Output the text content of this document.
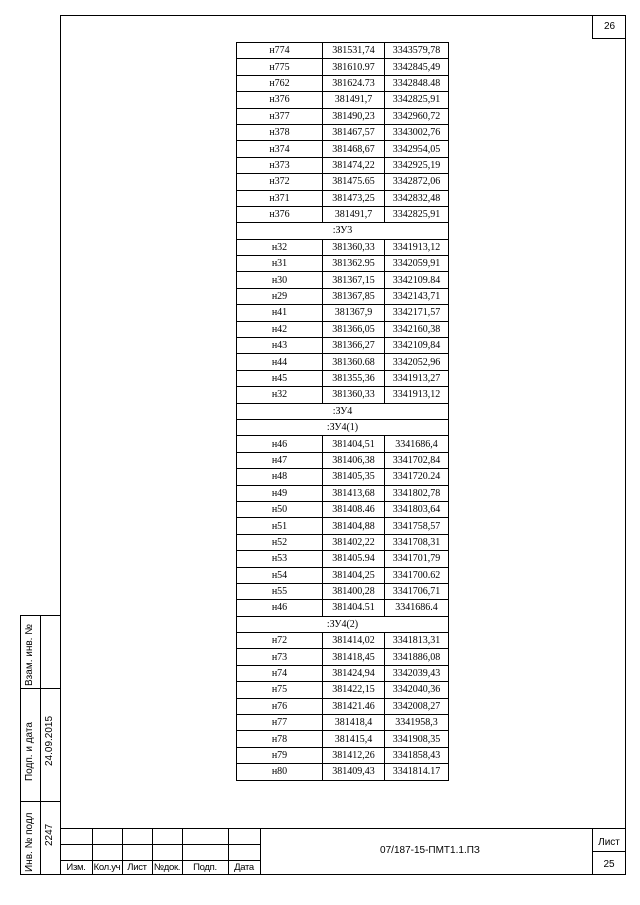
26
н774	381531,74	3343579,78
н775	381610.97	3342845,49
н762	381624.73	3342848.48
н376	381491,7	3342825,91
н377	381490,23	3342960,72
н378	381467,57	3343002,76
н374	381468,67	3342954,05
н373	381474,22	3342925,19
н372	381475.65	3342872,06
н371	381473,25	3342832,48
н376	381491,7	3342825,91
:ЗУ3		
н32	381360,33	3341913,12
н31	381362.95	3342059,91
н30	381367,15	3342109.84
н29	381367,85	3342143,71
н41	381367,9	3342171,57
н42	381366,05	3342160,38
н43	381366,27	3342109,84
н44	381360.68	3342052,96
н45	381355,36	3341913,27
н32	381360,33	3341913,12
:ЗУ4		
:ЗУ4(1)		
н46	381404,51	3341686,4
н47	381406,38	3341702,84
н48	381405,35	3341720.24
н49	381413,68	3341802,78
н50	381408.46	3341803,64
н51	381404,88	3341758,57
н52	381402,22	3341708,31
н53	381405.94	3341701,79
н54	381404,25	3341700.62
н55	381400,28	3341706,71
н46	381404.51	3341686.4
:ЗУ4(2)		
н72	381414,02	3341813,31
н73	381418,45	3341886,08
н74	381424,94	3342039,43
н75	381422,15	3342040,36
н76	381421.46	3342008,27
н77	381418,4	3341958,3
н78	381415,4	3341908,35
н79	381412,26	3341858,43
н80	381409,43	3341814.17
Взам. инв. №
Подп. и дата 24.09.2015
Инв. № подл 2247
Изм. Кол.уч Лист №док.	Подп.	Дата
07/187-15-ПМТ1.1.ПЗ
Лист
25
